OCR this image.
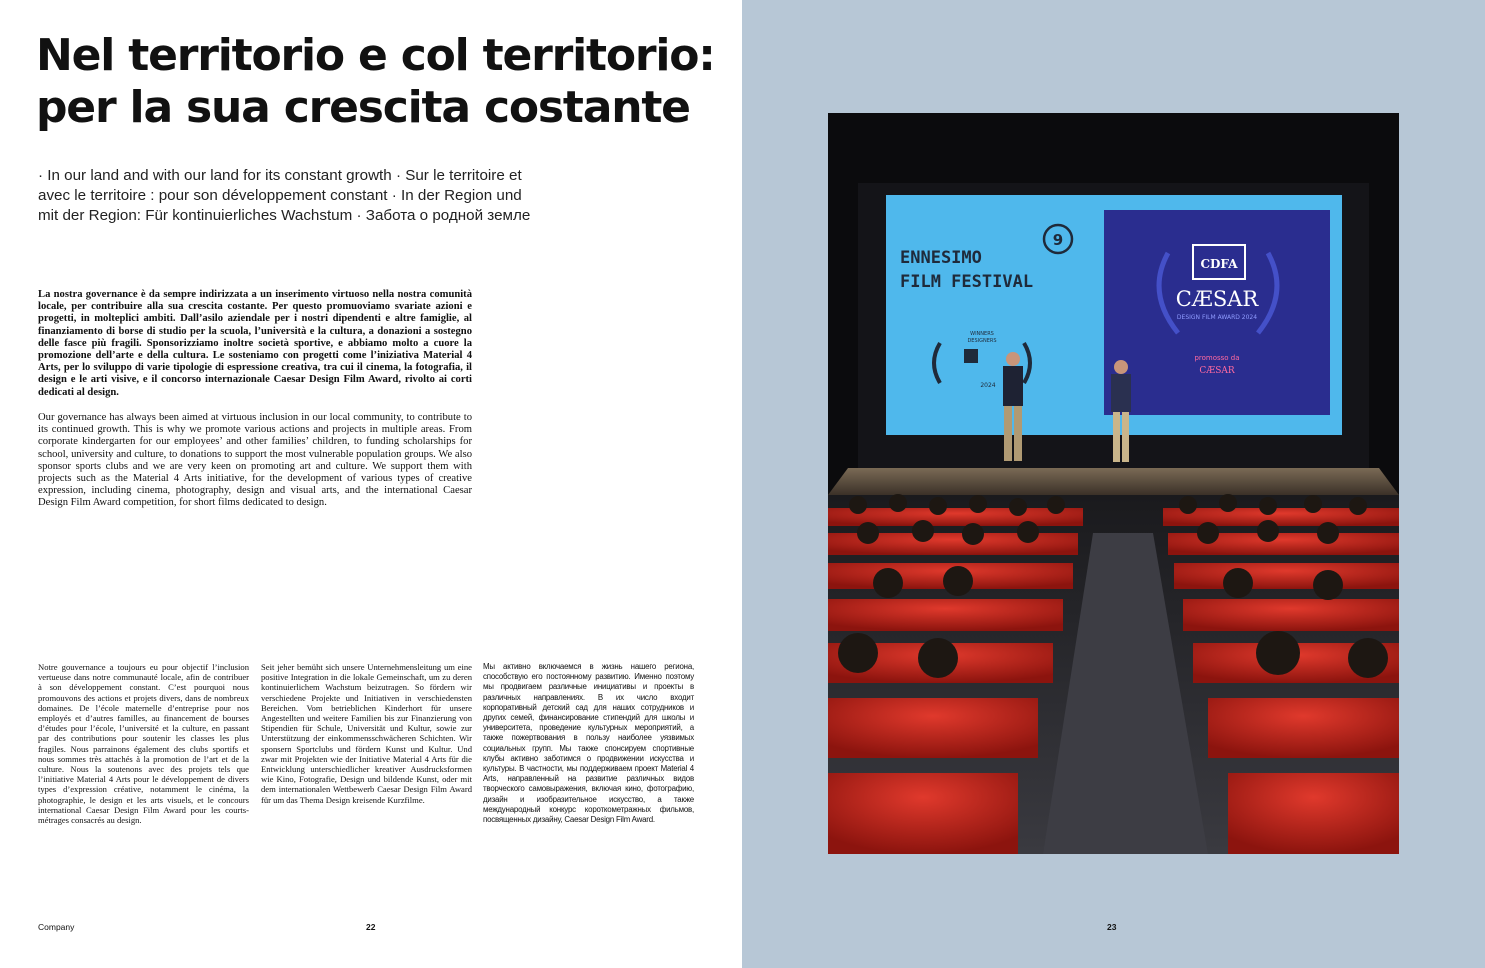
Nel territorio e col territorio:
per la sua crescita costante
· In our land and with our land for its constant growth · Sur le territoire et
avec le territoire : pour son développement constant · In der Region und
mit der Region: Für kontinuierliches Wachstum · Забота о родной земле

La nostra governance è da sempre indirizzata a un inserimento virtuoso nella nostra comunità locale, per contribuire alla sua crescita costante. Per questo promuoviamo svariate azioni e progetti, in molteplici ambiti. Dall’asilo aziendale per i nostri dipendenti e altre famiglie, al finanziamento di borse di studio per la scuola, l’università e la cultura, a donazioni a sostegno delle fasce più fragili. Sponsorizziamo inoltre società sportive, e abbiamo molto a cuore la promozione dell’arte e della cultura. Le sosteniamo con progetti come l’iniziativa Material 4 Arts, per lo sviluppo di varie tipologie di espressione creativa, tra cui il cinema, la fotografia, il design e le arti visive, e il concorso internazionale Caesar Design Film Award, rivolto ai corti dedicati al design.

Our governance has always been aimed at virtuous inclusion in our local community, to contribute to its continued growth. This is why we promote various actions and projects in multiple areas. From corporate kindergarten for our employees’ and other families’ children, to funding scholarships for school, university and culture, to donations to support the most vulnerable population groups. We also sponsor sports clubs and we are very keen on promoting art and culture. We support them with projects such as the Material 4 Arts initiative, for the development of various types of creative expression, including cinema, photography, design and visual arts, and the international Caesar Design Film Award competition, for short films dedicated to design.

Notre gouvernance a toujours eu pour objectif l’inclusion vertueuse dans notre communauté locale, afin de contribuer à son développement constant. C’est pourquoi nous promouvons des actions et projets divers, dans de nombreux domaines. De l’école maternelle d’entreprise pour nos employés et d’autres familles, au financement de bourses d’études pour l’école, l’université et la culture, en passant par des contributions pour soutenir les classes les plus fragiles. Nous parrainons également des clubs sportifs et nous sommes très attachés à la promotion de l’art et de la culture. Nous la soutenons avec des projets tels que l’initiative Material 4 Arts pour le développement de divers types d’expression créative, notamment le cinéma, la photographie, le design et les arts visuels, et le concours international Caesar Design Film Award pour les courts-métrages consacrés au design.

Seit jeher bemüht sich unsere Unternehmensleitung um eine positive Integration in die lokale Gemeinschaft, um zu deren kontinuierlichem Wachstum beizutragen. So fördern wir verschiedene Projekte und Initiativen in verschiedensten Bereichen. Vom betrieblichen Kinderhort für unsere Angestellten und weitere Familien bis zur Finanzierung von Stipendien für Schule, Universität und Kultur, sowie zur Unterstützung der einkommensschwächeren Schichten. Wir sponsern Sportclubs und fördern Kunst und Kultur. Und zwar mit Projekten wie der Initiative Material 4 Arts für die Entwicklung unterschiedlicher kreativer Ausdrucksformen wie Kino, Fotografie, Design und bildende Kunst, oder mit dem internationalen Wettbewerb Caesar Design Film Award für um das Thema Design kreisende Kurzfilme.

Мы активно включаемся в жизнь нашего региона, способствую его постоянному развитию. Именно поэтому мы продвигаем различные инициативы и проекты в различных направлениях. В их число входит корпоративный детский сад для наших сотрудников и других семей, финансирование стипендий для школы и университета, проведение культурных мероприятий, а также пожертвования в пользу наиболее уязвимых социальных групп. Мы также спонсируем спортивные клубы активно заботимся о продвижении искусства и культуры. В частности, мы поддерживаем проект Material 4 Arts, направленный на развитие различных видов творческого самовыражения, включая кино, фотографию, дизайн и изобразительное искусство, а также международный конкурс короткометражных фильмов, посвященных дизайну, Caesar Design Film Award.

Company	22	23
ENNESIMO
FILM FESTIVAL
9
WINNERS
DESIGNERS
2024
CDFA
CÆSAR
DESIGN FILM AWARD 2024
promosso da
CÆSAR
